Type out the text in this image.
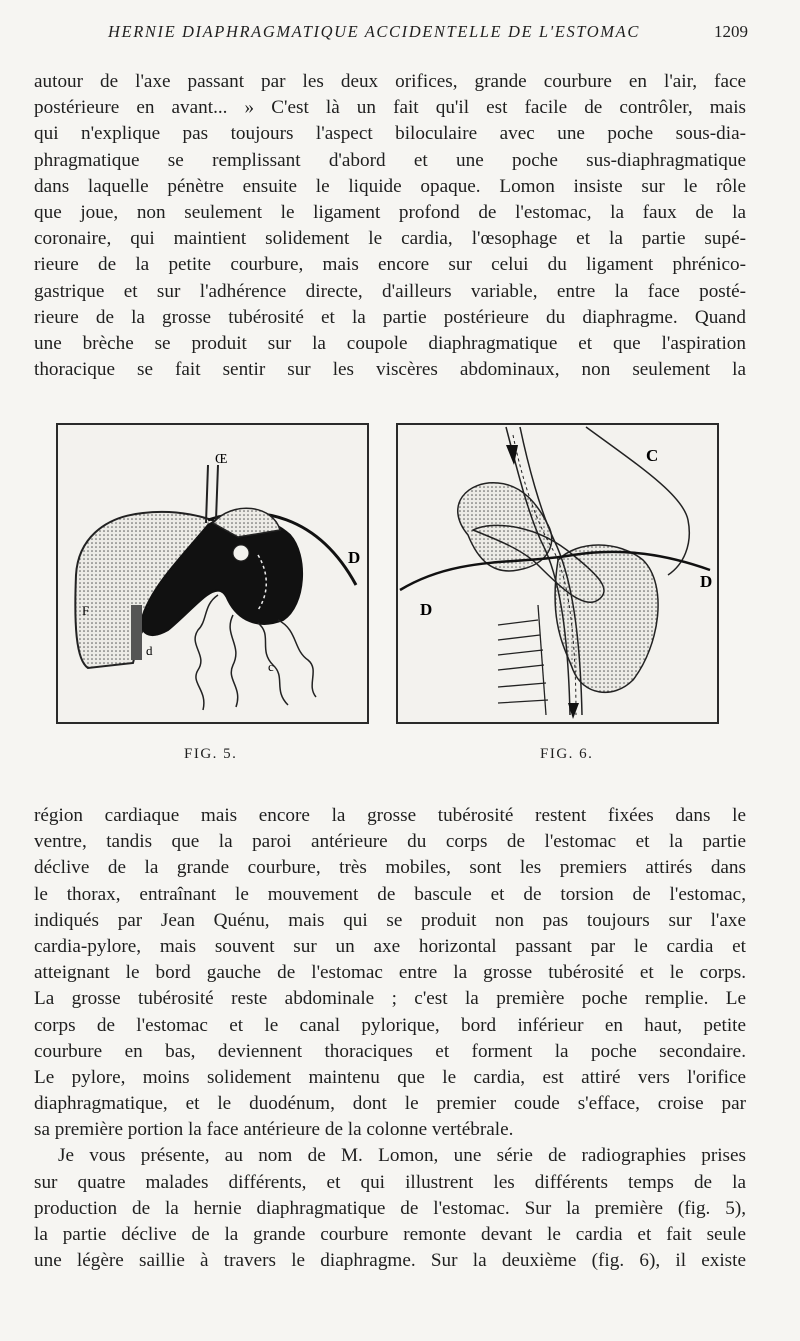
HERNIE DIAPHRAGMATIQUE ACCIDENTELLE DE L'ESTOMAC	1209
autour de l'axe passant par les deux orifices, grande courbure en l'air, face
postérieure en avant... » C'est là un fait qu'il est facile de contrôler, mais
qui n'explique pas toujours l'aspect biloculaire avec une poche sous-dia-
phragmatique se remplissant d'abord et une poche sus-diaphragmatique
dans laquelle pénètre ensuite le liquide opaque. Lomon insiste sur le rôle
que joue, non seulement le ligament profond de l'estomac, la faux de la
coronaire, qui maintient solidement le cardia, l'œsophage et la partie supé-
rieure de la petite courbure, mais encore sur celui du ligament phrénico-
gastrique et sur l'adhérence directe, d'ailleurs variable, entre la face posté-
rieure de la grosse tubérosité et la partie postérieure du diaphragme. Quand
une brèche se produit sur la coupole diaphragmatique et que l'aspiration
thoracique se fait sentir sur les viscères abdominaux, non seulement la
Œ
D
F
d
c
C
D
D
FIG. 5.	FIG. 6.
région cardiaque mais encore la grosse tubérosité restent fixées dans le
ventre, tandis que la paroi antérieure du corps de l'estomac et la partie
déclive de la grande courbure, très mobiles, sont les premiers attirés dans
le thorax, entraînant le mouvement de bascule et de torsion de l'estomac,
indiqués par Jean Quénu, mais qui se produit non pas toujours sur l'axe
cardia-pylore, mais souvent sur un axe horizontal passant par le cardia et
atteignant le bord gauche de l'estomac entre la grosse tubérosité et le corps.
La grosse tubérosité reste abdominale ; c'est la première poche remplie. Le
corps de l'estomac et le canal pylorique, bord inférieur en haut, petite
courbure en bas, deviennent thoraciques et forment la poche secondaire.
Le pylore, moins solidement maintenu que le cardia, est attiré vers l'orifice
diaphragmatique, et le duodénum, dont le premier coude s'efface, croise par
sa première portion la face antérieure de la colonne vertébrale.
Je vous présente, au nom de M. Lomon, une série de radiographies prises
sur quatre malades différents, et qui illustrent les différents temps de la
production de la hernie diaphragmatique de l'estomac. Sur la première (fig. 5),
la partie déclive de la grande courbure remonte devant le cardia et fait seule
une légère saillie à travers le diaphragme. Sur la deuxième (fig. 6), il existe
